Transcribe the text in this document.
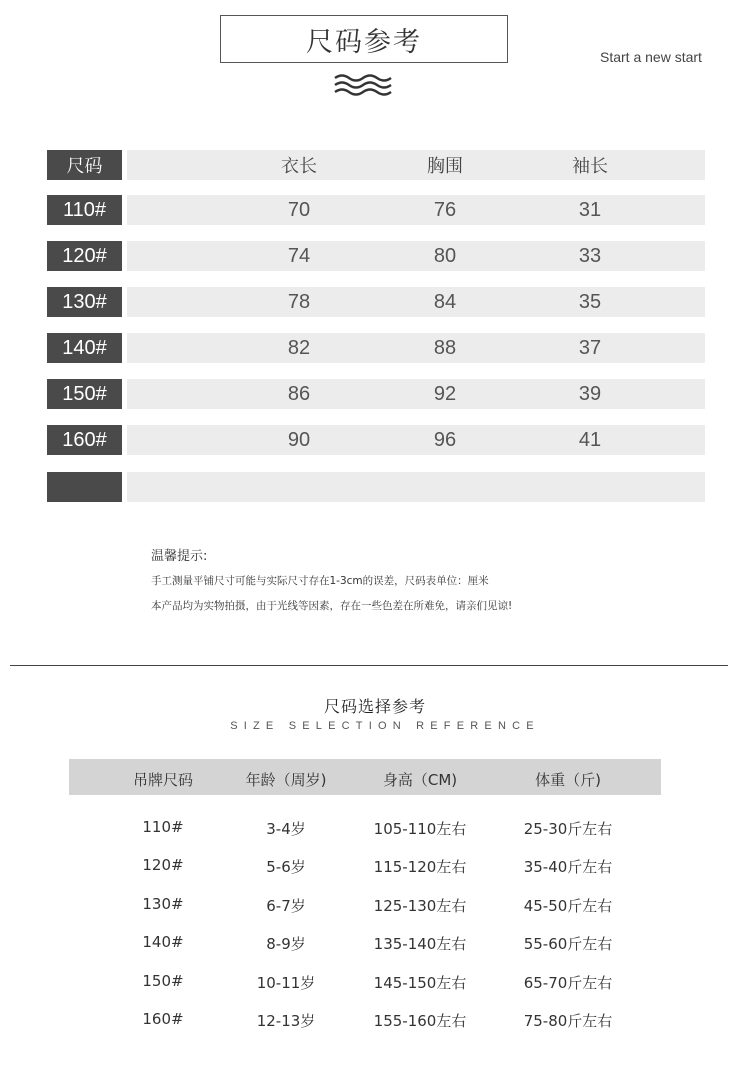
尺码参考	Start a new start
尺码	衣长	胸围	袖长
110#	70	76	31
120#	74	80	33
130#	78	84	35
140#	82	88	37
150#	86	92	39
160#	90	96	41
温馨提示:
手工测量平铺尺寸可能与实际尺寸存在1-3cm的误差，尺码表单位：厘米
本产品均为实物拍摄，由于光线等因素，存在一些色差在所难免，请亲们见谅!
尺码选择参考
SIZE SELECTION REFERENCE
吊牌尺码	年龄（周岁)	身高（CM)	体重（斤)
110#	3-4岁	105-110左右	25-30斤左右
120#	5-6岁	115-120左右	35-40斤左右
130#	6-7岁	125-130左右	45-50斤左右
140#	8-9岁	135-140左右	55-60斤左右
150#	10-11岁	145-150左右	65-70斤左右
160#	12-13岁	155-160左右	75-80斤左右
